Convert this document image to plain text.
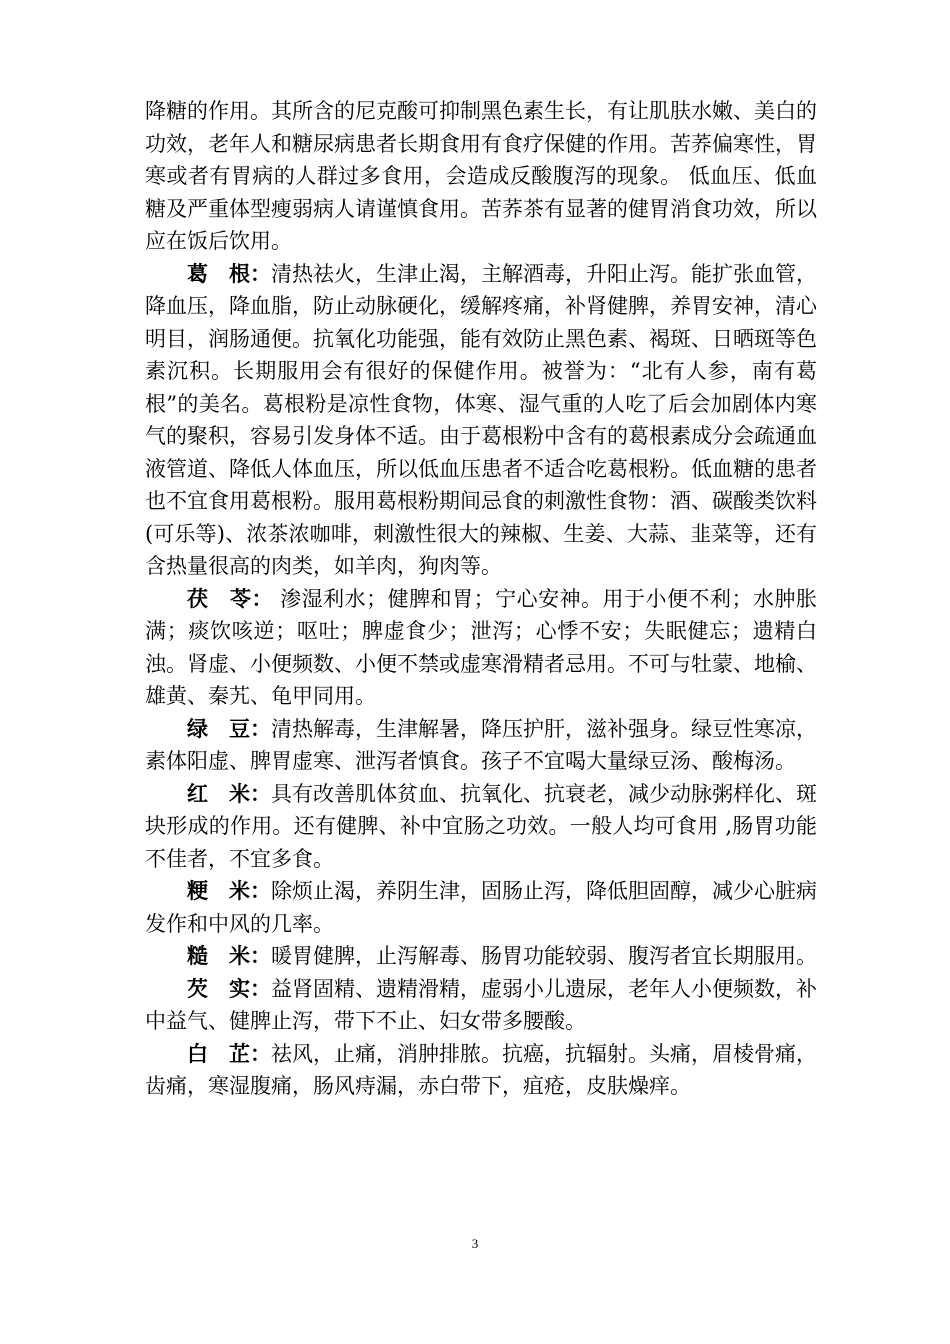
降糖的作用。其所含的尼克酸可抑制黑色素生长，有让肌肤水嫩、美白的功效，老年人和糖尿病患者长期食用有食疗保健的作用。苦荞偏寒性，胃寒或者有胃病的人群过多食用，会造成反酸腹泻的现象。 低血压、低血糖及严重体型瘦弱病人请谨慎食用。苦荞茶有显著的健胃消食功效，所以应在饭后饮用。

葛　根：清热祛火，生津止渴，主解酒毒，升阳止泻。能扩张血管，降血压，降血脂，防止动脉硬化，缓解疼痛，补肾健脾，养胃安神，清心明目，润肠通便。抗氧化功能强，能有效防止黑色素、褐斑、日晒斑等色素沉积。长期服用会有很好的保健作用。被誉为：“北有人参，南有葛根”的美名。葛根粉是凉性食物，体寒、湿气重的人吃了后会加剧体内寒气的聚积，容易引发身体不适。由于葛根粉中含有的葛根素成分会疏通血液管道、降低人体血压，所以低血压患者不适合吃葛根粉。低血糖的患者也不宜食用葛根粉。服用葛根粉期间忌食的刺激性食物：酒、碳酸类饮料(可乐等)、浓茶浓咖啡，刺激性很大的辣椒、生姜、大蒜、韭菜等，还有含热量很高的肉类，如羊肉，狗肉等。

茯　苓： 渗湿利水；健脾和胃；宁心安神。用于小便不利；水肿胀满；痰饮咳逆；呕吐；脾虚食少；泄泻；心悸不安；失眠健忘；遗精白浊。肾虚、小便频数、小便不禁或虚寒滑精者忌用。不可与牡蒙、地榆、雄黄、秦艽、龟甲同用。

绿　豆：清热解毒，生津解暑，降压护肝，滋补强身。绿豆性寒凉，素体阳虚、脾胃虚寒、泄泻者慎食。孩子不宜喝大量绿豆汤、酸梅汤。

红　米：具有改善肌体贫血、抗氧化、抗衰老，减少动脉粥样化、斑块形成的作用。还有健脾、补中宜肠之功效。一般人均可食用 ,肠胃功能不佳者，不宜多食。

粳　米：除烦止渴，养阴生津，固肠止泻，降低胆固醇，减少心脏病发作和中风的几率。

糙　米：暖胃健脾，止泻解毒、肠胃功能较弱、腹泻者宜长期服用。

芡　实：益肾固精、遗精滑精，虚弱小儿遗尿，老年人小便频数，补中益气、健脾止泻，带下不止、妇女带多腰酸。

白　芷：祛风，止痛，消肿排脓。抗癌，抗辐射。头痛，眉棱骨痛，齿痛，寒湿腹痛，肠风痔漏，赤白带下，疽疮，皮肤燥痒。

3
